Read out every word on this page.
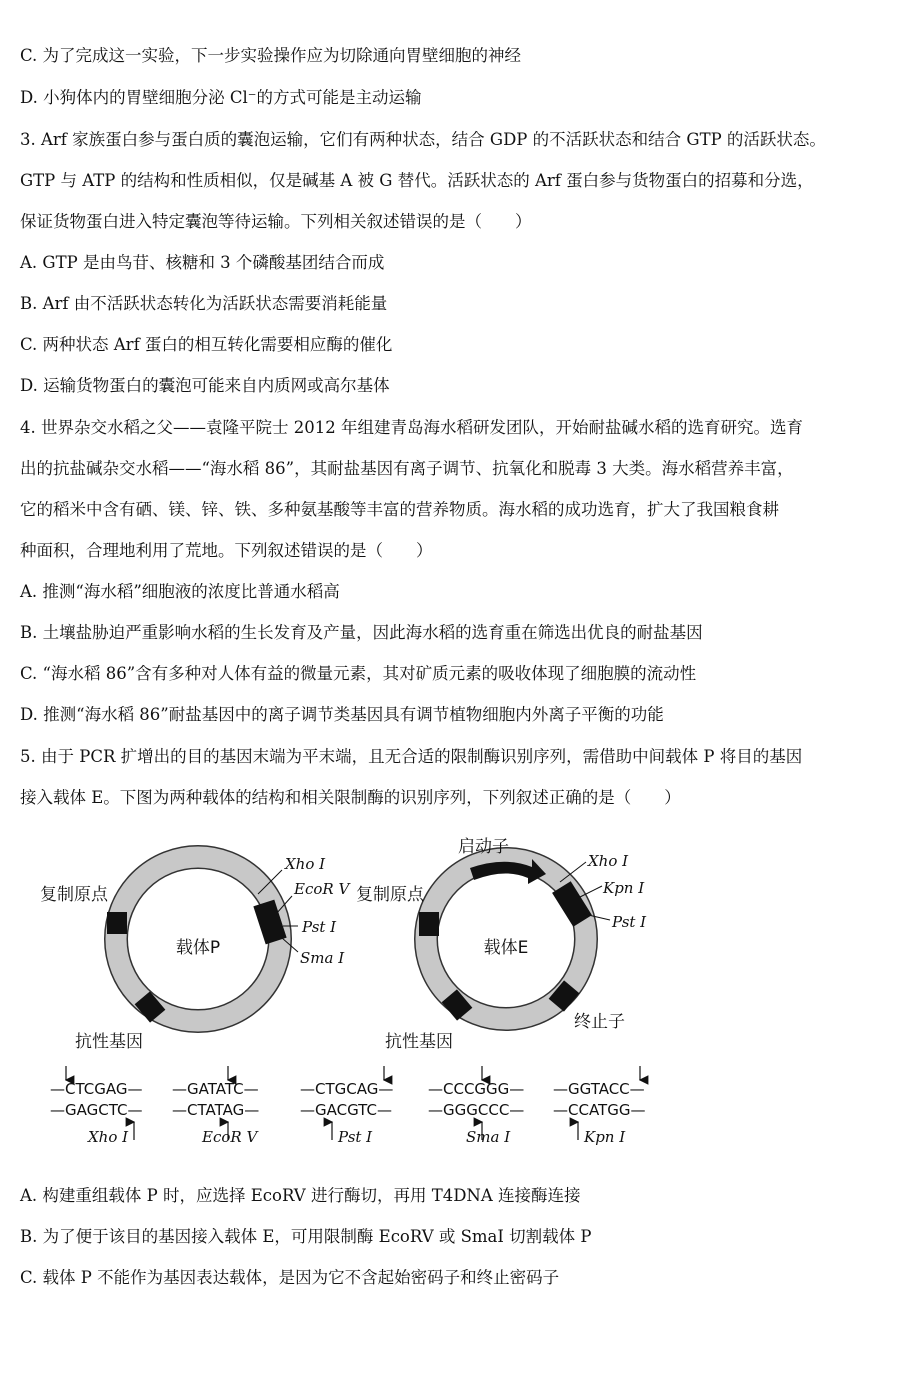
C. 为了完成这一实验，下一步实验操作应为切除通向胃壁细胞的神经
D. 小狗体内的胃壁细胞分泌 Cl⁻的方式可能是主动运输
3. Arf 家族蛋白参与蛋白质的囊泡运输，它们有两种状态，结合 GDP 的不活跃状态和结合 GTP 的活跃状态。
GTP 与 ATP 的结构和性质相似，仅是碱基 A 被 G 替代。活跃状态的 Arf 蛋白参与货物蛋白的招募和分选，
保证货物蛋白进入特定囊泡等待运输。下列相关叙述错误的是（　　）
A. GTP 是由鸟苷、核糖和 3 个磷酸基团结合而成
B. Arf 由不活跃状态转化为活跃状态需要消耗能量
C. 两种状态 Arf 蛋白的相互转化需要相应酶的催化
D. 运输货物蛋白的囊泡可能来自内质网或高尔基体
4. 世界杂交水稻之父——袁隆平院士 2012 年组建青岛海水稻研发团队，开始耐盐碱水稻的选育研究。选育
出的抗盐碱杂交水稻——“海水稻 86”，其耐盐基因有离子调节、抗氧化和脱毒 3 大类。海水稻营养丰富，
它的稻米中含有硒、镁、锌、铁、多种氨基酸等丰富的营养物质。海水稻的成功选育，扩大了我国粮食耕
种面积，合理地利用了荒地。下列叙述错误的是（　　）
A. 推测“海水稻”细胞液的浓度比普通水稻高
B. 土壤盐胁迫严重影响水稻的生长发育及产量，因此海水稻的选育重在筛选出优良的耐盐基因
C. “海水稻 86”含有多种对人体有益的微量元素，其对矿质元素的吸收体现了细胞膜的流动性
D. 推测“海水稻 86”耐盐基因中的离子调节类基因具有调节植物细胞内外离子平衡的功能
5. 由于 PCR 扩增出的目的基因末端为平末端，且无合适的限制酶识别序列，需借助中间载体 P 将目的基因
接入载体 E。下图为两种载体的结构和相关限制酶的识别序列，下列叙述正确的是（　　）
载体P
复制原点
抗性基因
Xho I
EcoR V
Pst I
Sma I	载体E
复制原点
抗性基因
启动子
终止子
Xho I
Kpn I
Pst I
—CTCGAG—
—GAGCTC—
Xho I
—GATATC—
—CTATAG—
EcoR V
—CTGCAG—
—GACGTC—
Pst I
—CCCGGG—
—GGGCCC—
Sma I
—GGTACC—
—CCATGG—
Kpn I
A. 构建重组载体 P 时，应选择 EcoRV 进行酶切，再用 T4DNA 连接酶连接
B. 为了便于该目的基因接入载体 E，可用限制酶 EcoRV 或 SmaI 切割载体 P
C. 载体 P 不能作为基因表达载体，是因为它不含起始密码子和终止密码子
